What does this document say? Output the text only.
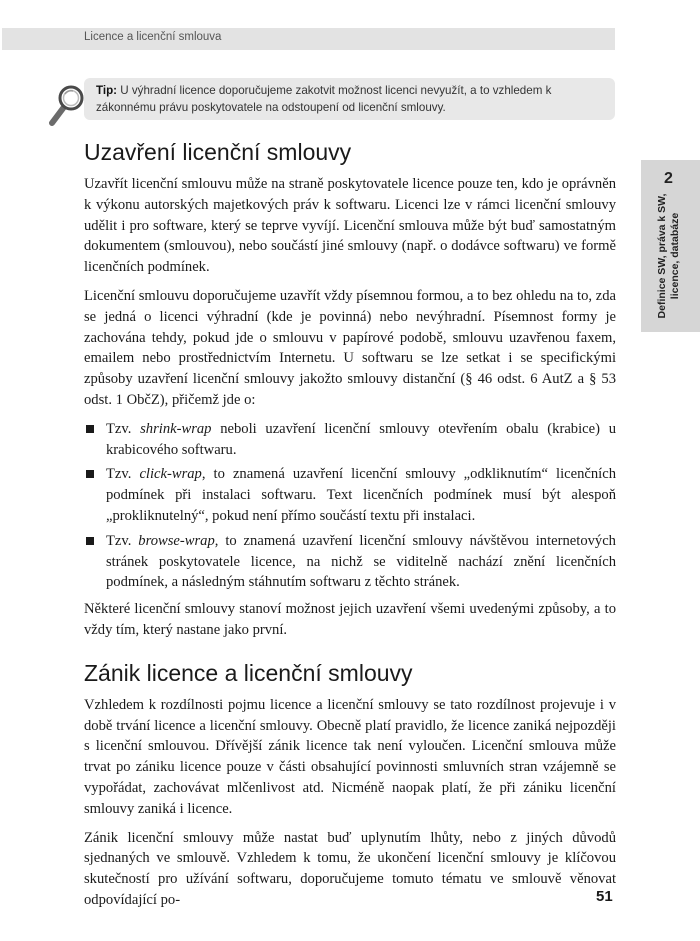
Licence a licenční smlouva
Tip: U výhradní licence doporučujeme zakotvit možnost licenci nevyužít, a to vzhledem k zákonnému právu poskytovatele na odstoupení od licenční smlouvy.
2
Definice SW, práva k SW, licence, databáze
Uzavření licenční smlouvy

Uzavřít licenční smlouvu může na straně poskytovatele licence pouze ten, kdo je oprávněn k výkonu autorských majetkových práv k softwaru. Licenci lze v rámci licenční smlouvy udělit i pro software, který se teprve vyvíjí. Licenční smlouva může být buď samostatným dokumentem (smlouvou), nebo součástí jiné smlouvy (např. o dodávce softwaru) ve formě licenčních podmínek.

Licenční smlouvu doporučujeme uzavřít vždy písemnou formou, a to bez ohledu na to, zda se jedná o licenci výhradní (kde je povinná) nebo nevýhradní. Písemnost formy je zachována tehdy, pokud jde o smlouvu v papírové podobě, smlouvu uzavřenou faxem, emailem nebo prostřednictvím Internetu. U softwaru se lze setkat i se specifickými způsoby uzavření licenční smlouvy jakožto smlouvy distanční (§ 46 odst. 6 AutZ a § 53 odst. 1 ObčZ), přičemž jde o:

Tzv. shrink-wrap neboli uzavření licenční smlouvy otevřením obalu (krabice) u krabicového softwaru.
Tzv. click-wrap, to znamená uzavření licenční smlouvy „odkliknutím“ licenčních podmínek při instalaci softwaru. Text licenčních podmínek musí být alespoň „prokliknutelný“, pokud není přímo součástí textu při instalaci.
Tzv. browse-wrap, to znamená uzavření licenční smlouvy návštěvou internetových stránek poskytovatele licence, na nichž se viditelně nachází znění licenčních podmínek, a následným stáhnutím softwaru z těchto stránek.

Některé licenční smlouvy stanoví možnost jejich uzavření všemi uvedenými způsoby, a to vždy tím, který nastane jako první.

Zánik licence a licenční smlouvy

Vzhledem k rozdílnosti pojmu licence a licenční smlouvy se tato rozdílnost projevuje i v době trvání licence a licenční smlouvy. Obecně platí pravidlo, že licence zaniká nejpozději s licenční smlouvou. Dřívější zánik licence tak není vyloučen. Licenční smlouva může trvat po zániku licence pouze v části obsahující povinnosti smluvních stran vzájemně se vypořádat, zachovávat mlčenlivost atd. Nicméně naopak platí, že při zániku licenční smlouvy zaniká i licence.

Zánik licenční smlouvy může nastat buď uplynutím lhůty, nebo z jiných důvodů sjednaných ve smlouvě. Vzhledem k tomu, že ukončení licenční smlouvy je klíčovou skutečností pro užívání softwaru, doporučujeme tomuto tématu ve smlouvě věnovat odpovídající po-	51
